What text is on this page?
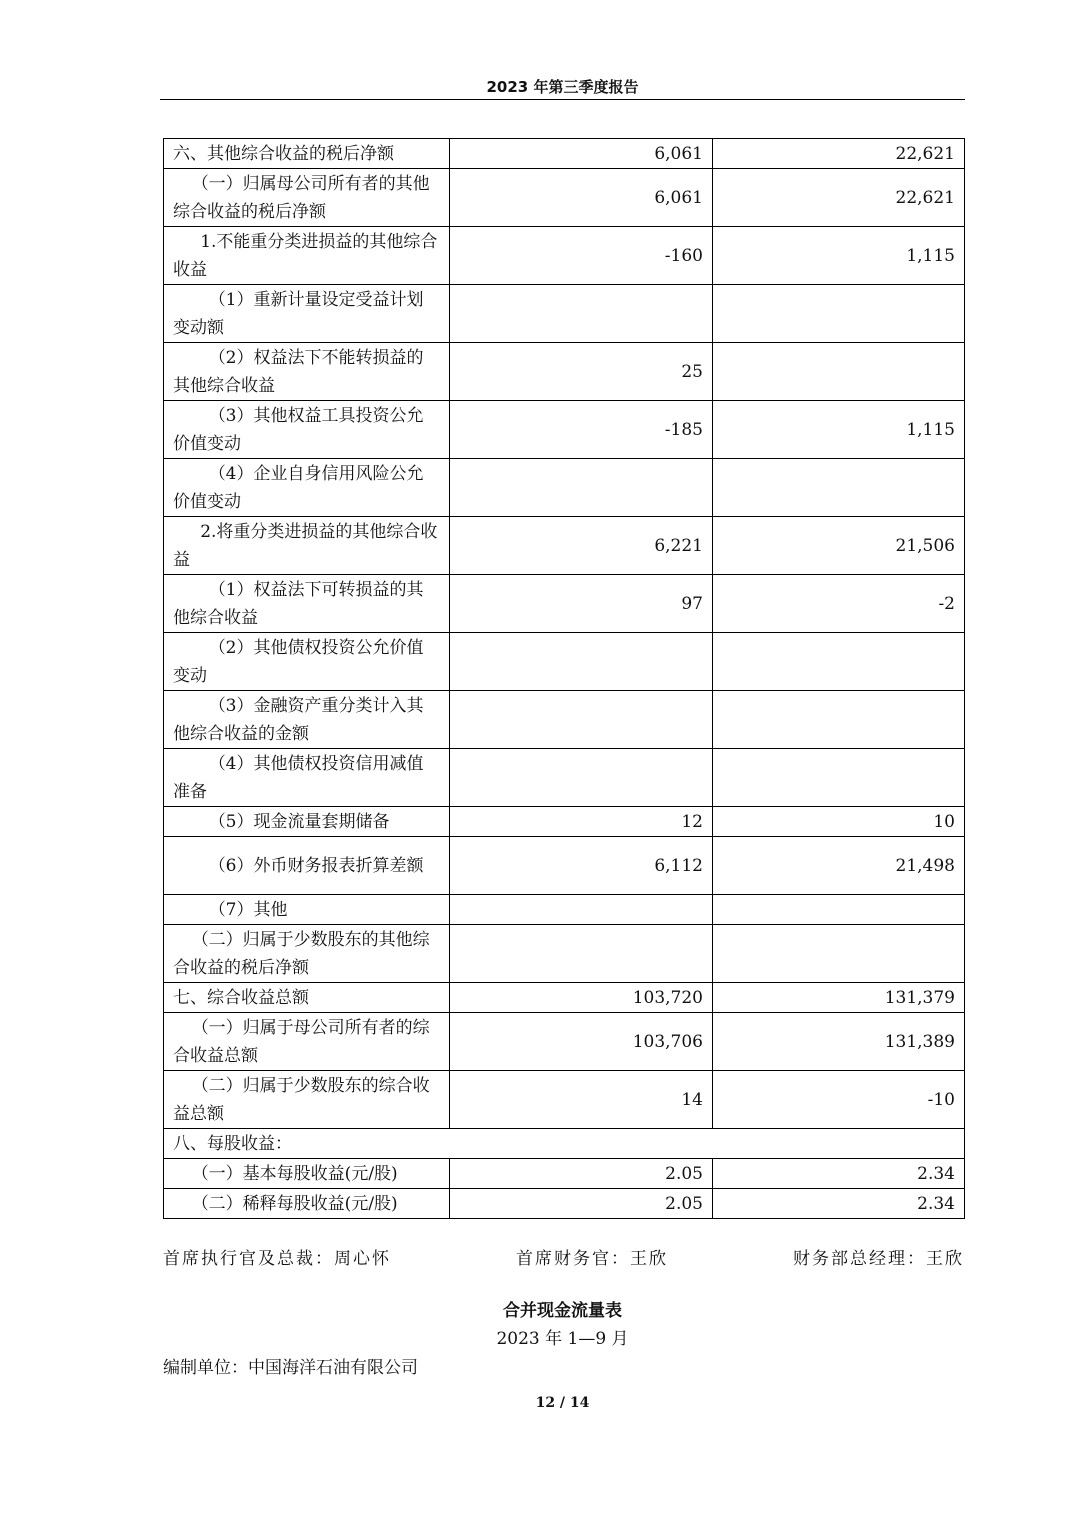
2023 年第三季度报告
六、其他综合收益的税后净额	6,061	22,621
（一）归属母公司所有者的其他综合收益的税后净额	6,061	22,621
1.不能重分类进损益的其他综合收益	-160	1,115
（1）重新计量设定受益计划变动额		
（2）权益法下不能转损益的其他综合收益	25	
（3）其他权益工具投资公允价值变动	-185	1,115
（4）企业自身信用风险公允价值变动		
2.将重分类进损益的其他综合收益	6,221	21,506
（1）权益法下可转损益的其他综合收益	97	-2
（2）其他债权投资公允价值变动		
（3）金融资产重分类计入其他综合收益的金额		
（4）其他债权投资信用减值准备		
（5）现金流量套期储备	12	10
（6）外币财务报表折算差额	6,112	21,498
（7）其他		
（二）归属于少数股东的其他综合收益的税后净额		
七、综合收益总额	103,720	131,379
（一）归属于母公司所有者的综合收益总额	103,706	131,389
（二）归属于少数股东的综合收益总额	14	-10
八、每股收益：		
（一）基本每股收益(元/股)	2.05	2.34
（二）稀释每股收益(元/股)	2.05	2.34
首席执行官及总裁：周心怀	首席财务官：王欣	财务部总经理：王欣
合并现金流量表
2023 年 1—9 月
编制单位：中国海洋石油有限公司
12 / 14
